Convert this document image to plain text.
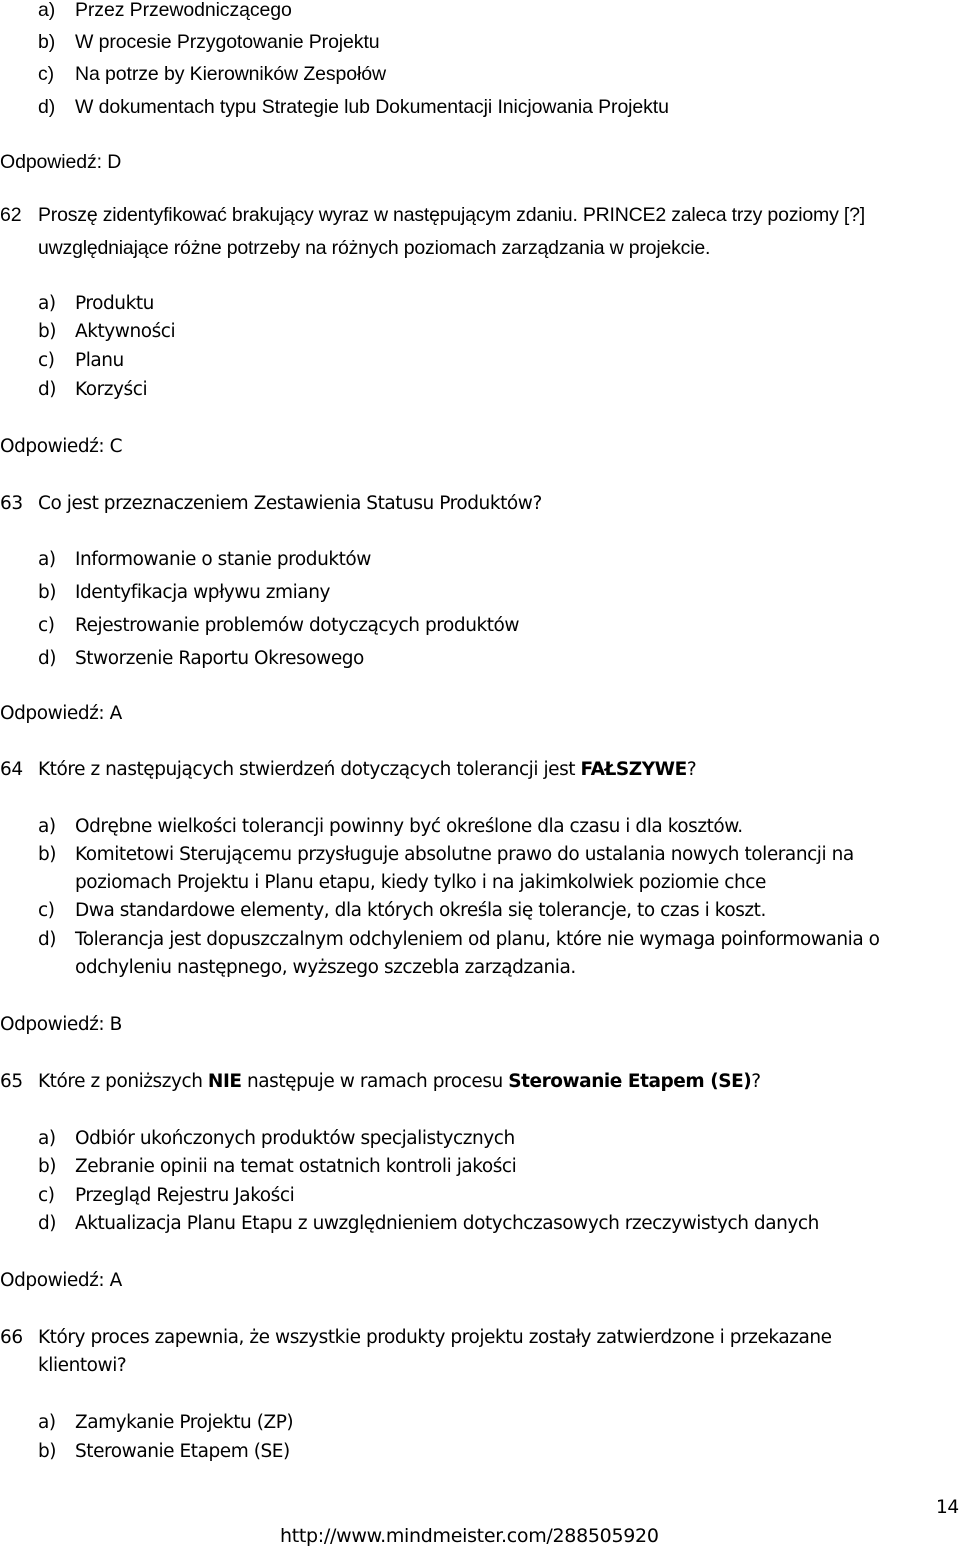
a) Przez Przewodniczącego
b) W procesie Przygotowanie Projektu
c) Na potrze by Kierowników Zespołów
d) W dokumentach typu Strategie lub Dokumentacji Inicjowania Projektu
Odpowiedź: D
62 Proszę zidentyfikować brakujący wyraz w następującym zdaniu. PRINCE2 zaleca trzy poziomy [?]
uwzględniające różne potrzeby na różnych poziomach zarządzania w projekcie.
a) Produktu
b) Aktywności
c) Planu
d) Korzyści
Odpowiedź: C
63 Co jest przeznaczeniem Zestawienia Statusu Produktów?
a) Informowanie o stanie produktów
b) Identyfikacja wpływu zmiany
c) Rejestrowanie problemów dotyczących produktów
d) Stworzenie Raportu Okresowego
Odpowiedź: A
64 Które z następujących stwierdzeń dotyczących tolerancji jest FAŁSZYWE?
a) Odrębne wielkości tolerancji powinny być określone dla czasu i dla kosztów.
b) Komitetowi Sterującemu przysługuje absolutne prawo do ustalania nowych tolerancji na
poziomach Projektu i Planu etapu, kiedy tylko i na jakimkolwiek poziomie chce
c) Dwa standardowe elementy, dla których określa się tolerancje, to czas i koszt.
d) Tolerancja jest dopuszczalnym odchyleniem od planu, które nie wymaga poinformowania o
odchyleniu następnego, wyższego szczebla zarządzania.
Odpowiedź: B
65 Które z poniższych NIE następuje w ramach procesu Sterowanie Etapem (SE)?
a) Odbiór ukończonych produktów specjalistycznych
b) Zebranie opinii na temat ostatnich kontroli jakości
c) Przegląd Rejestru Jakości
d) Aktualizacja Planu Etapu z uwzględnieniem dotychczasowych rzeczywistych danych
Odpowiedź: A
66 Który proces zapewnia, że wszystkie produkty projektu zostały zatwierdzone i przekazane
klientowi?
a) Zamykanie Projektu (ZP)
b) Sterowanie Etapem (SE)
14
http://www.mindmeister.com/288505920
